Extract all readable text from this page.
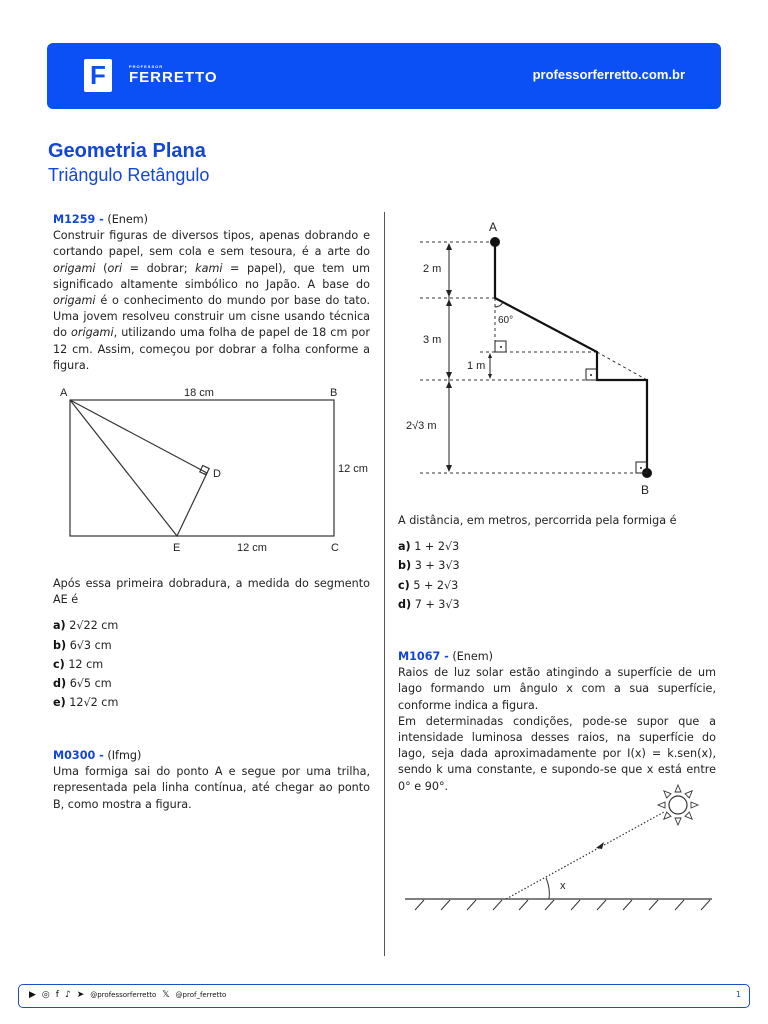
F	PROFESSOR
FERRETTO	professorferretto.com.br
Geometria Plana
Triângulo Retângulo
M1259 - (Enem)
Construir figuras de diversos tipos, apenas dobrando e cortando papel, sem cola e sem tesoura, é a arte do origami (ori = dobrar; kami = papel), que tem um significado altamente simbólico no Japão. A base do origami é o conhecimento do mundo por base do tato. Uma jovem resolveu construir um cisne usando técnica do origami, utilizando uma folha de papel de 18 cm por 12 cm. Assim, começou por dobrar a folha conforme a figura.
A	B
C
E
D
18 cm
12 cm
12 cm
A
B
2 m
3 m
1 m
2√3 m
60°
x
Após essa primeira dobradura, a medida do segmento AE é
a) 2√22 cm
b) 6√3 cm
c) 12 cm
d) 6√5 cm
e) 12√2 cm
M0300 - (Ifmg)
Uma formiga sai do ponto A e segue por uma trilha, representada pela linha contínua, até chegar ao ponto B, como mostra a figura.
A distância, em metros, percorrida pela formiga é
a) 1 + 2√3
b) 3 + 3√3
c) 5 + 2√3
d) 7 + 3√3
M1067 - (Enem)
Raios de luz solar estão atingindo a superfície de um lago formando um ângulo x com a sua superfície, conforme indica a figura.
Em determinadas condições, pode-se supor que a intensidade luminosa desses raios, na superfície do lago, seja dada aproximadamente por I(x) = k.sen(x), sendo k uma constante, e supondo-se que x está entre 0° e 90°.
▶ ◎ f ♪ ➤ @professorferretto 𝕏 @prof_ferretto	1
